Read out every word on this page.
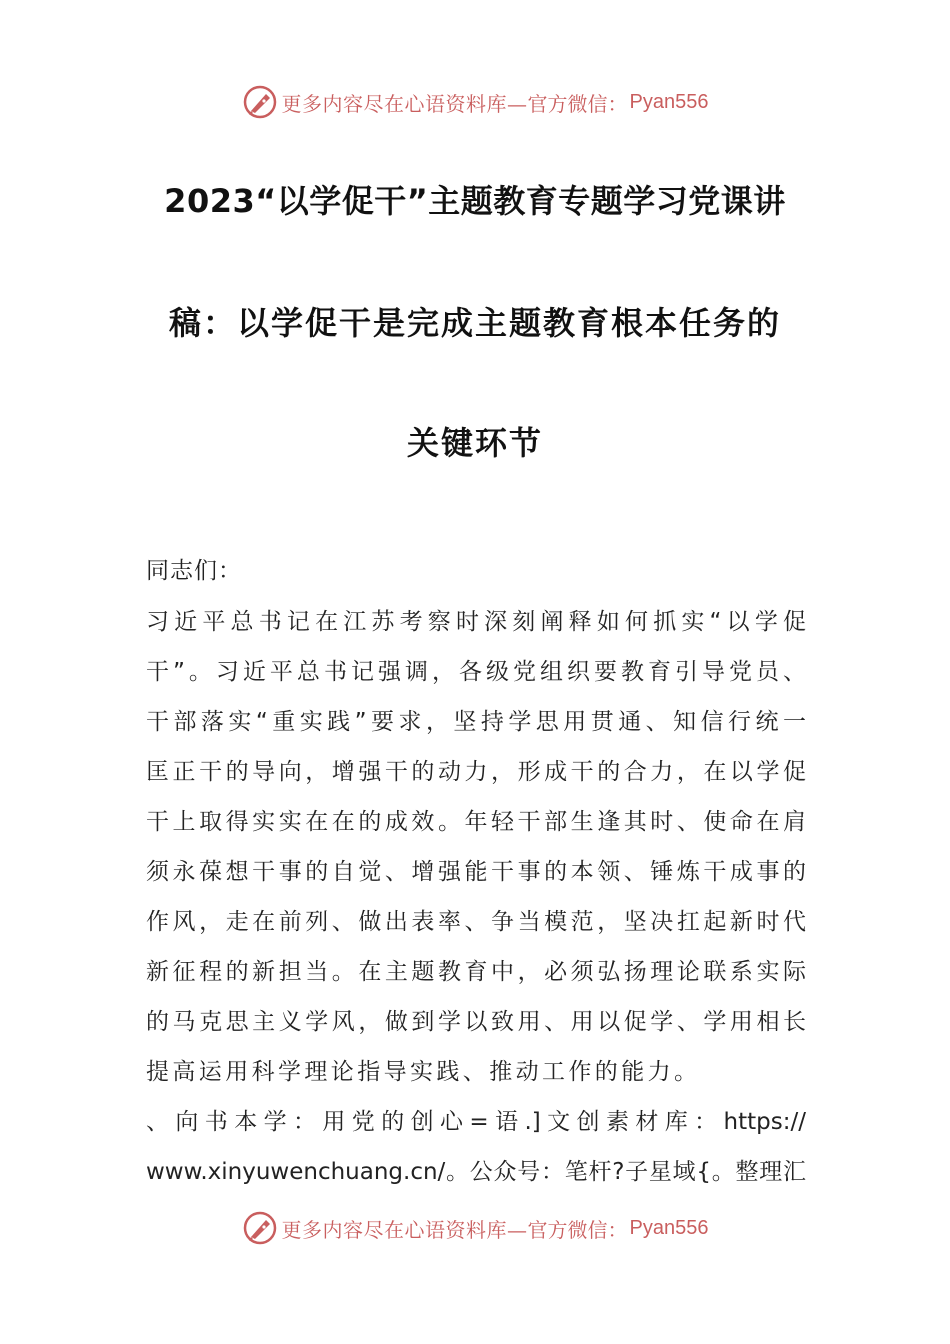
更多内容尽在心语资料库— 官方微信： Pyan556
2023“以学促干”主题教育专题学习党课讲
稿：以学促干是完成主题教育根本任务的
关键环节
同志们：
习近平总书记在江苏考察时深刻阐释如何抓实“以学促
干”。习近平总书记强调，各级党组织要教育引导党员、
干部落实“重实践”要求，坚持学思用贯通、知信行统一
匡正干的导向，增强干的动力，形成干的合力，在以学促
干上取得实实在在的成效。年轻干部生逢其时、使命在肩
须永葆想干事的自觉、增强能干事的本领、锤炼干成事的
作风，走在前列、做出表率、争当模范，坚决扛起新时代
新征程的新担当。在主题教育中，必须弘扬理论联系实际
的马克思主义学风，做到学以致用、用以促学、学用相长
提高运用科学理论指导实践、推动工作的能力。
、向书本学：用党的创心=语.]文创素材库：https://
www.xinyuwenchuang.cn/。公众号：笔杆?子星域{。整理汇
更多内容尽在心语资料库— 官方微信： Pyan556
